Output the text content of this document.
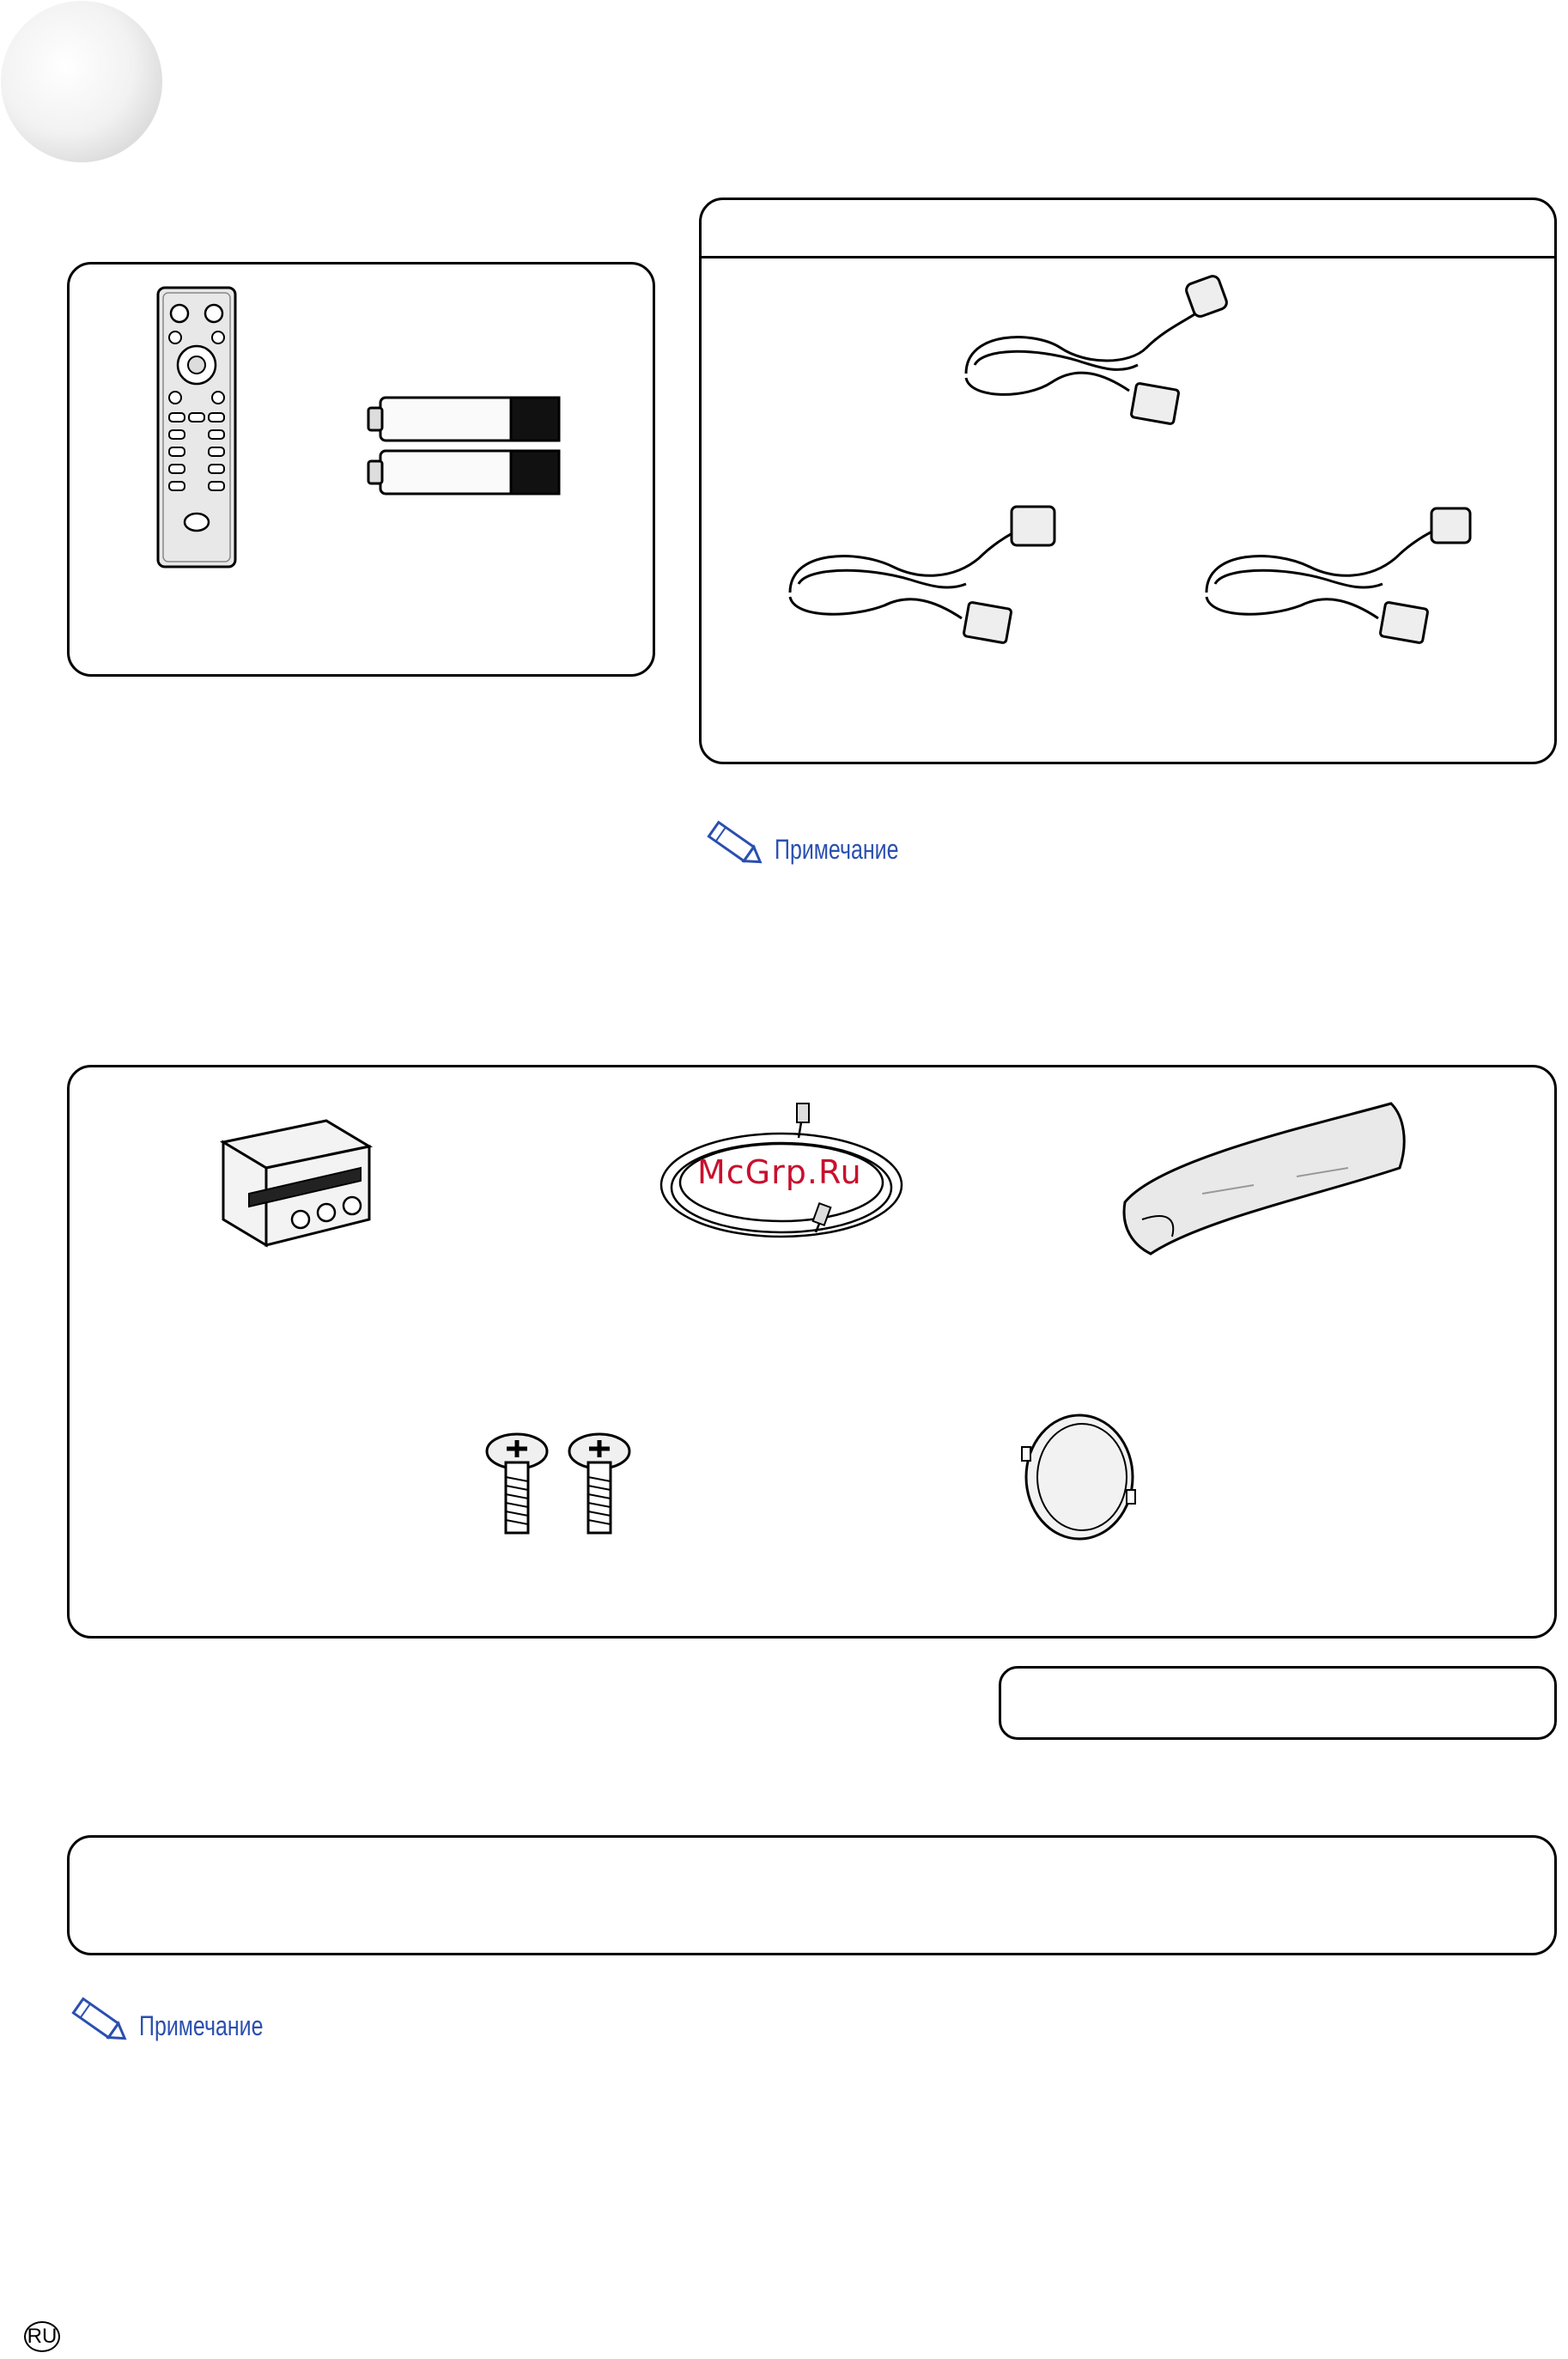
Примечание
McGrp.Ru
Примечание
RU
